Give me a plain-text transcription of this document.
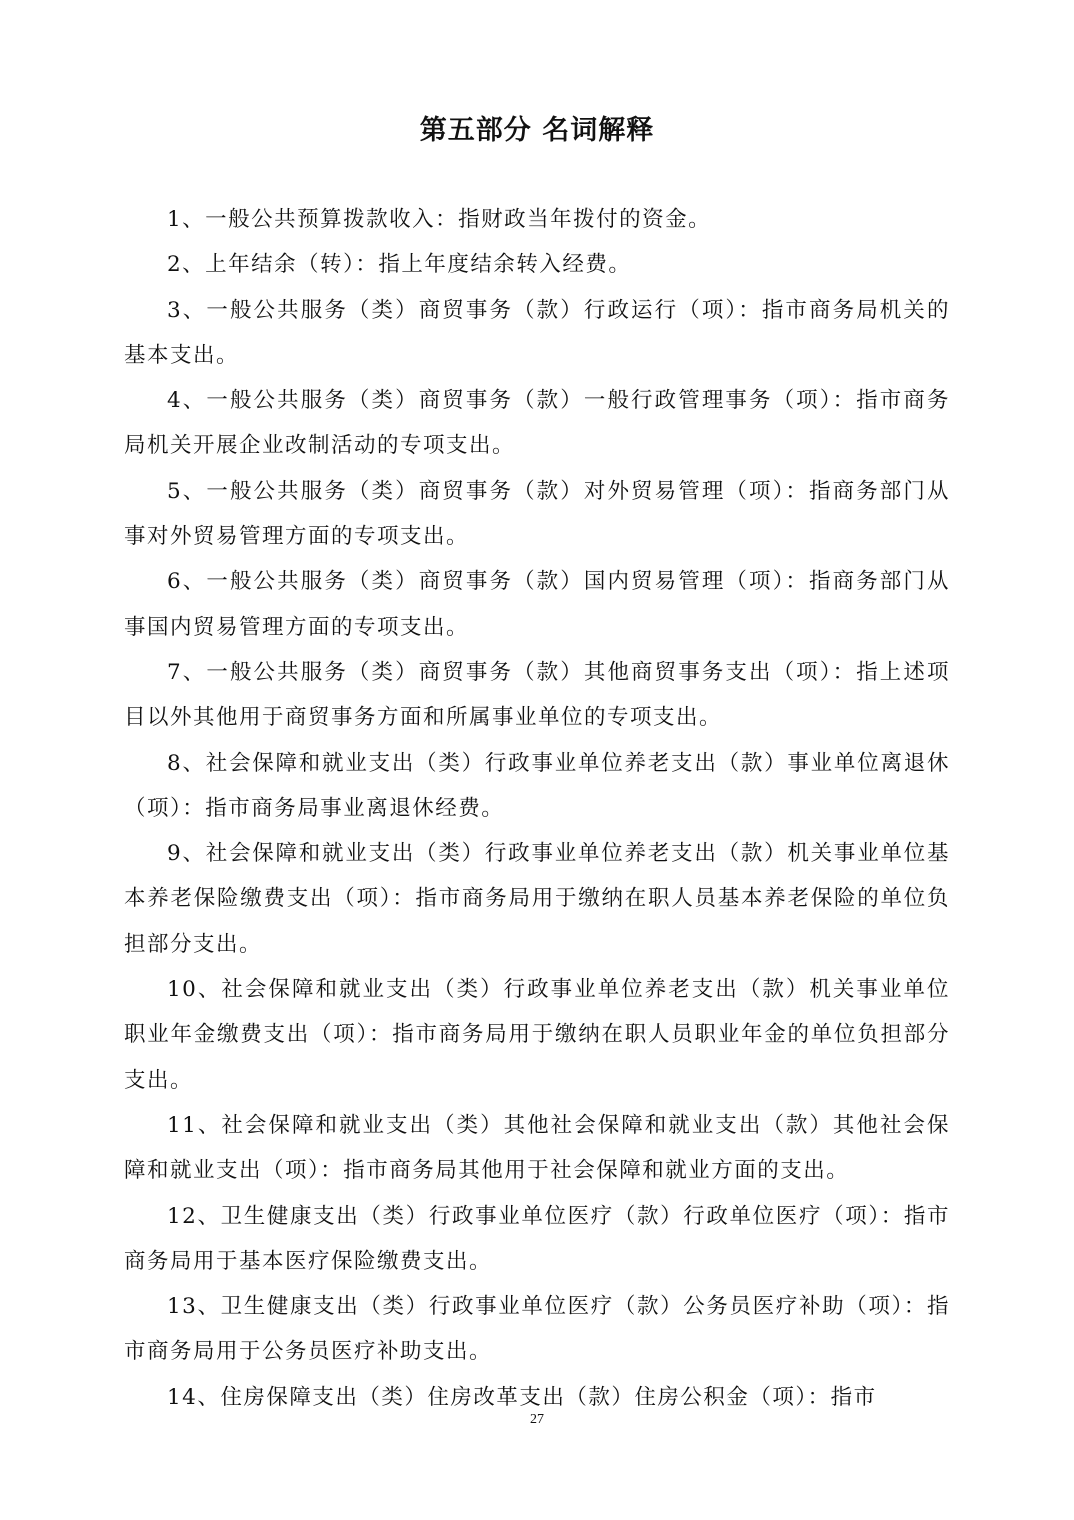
第五部分 名词解释

1、一般公共预算拨款收入：指财政当年拨付的资金。

2、上年结余（转）：指上年度结余转入经费。

3、一般公共服务（类）商贸事务（款）行政运行（项）：指市商务局机关的基本支出。

4、一般公共服务（类）商贸事务（款）一般行政管理事务（项）：指市商务局机关开展企业改制活动的专项支出。

5、一般公共服务（类）商贸事务（款）对外贸易管理（项）：指商务部门从事对外贸易管理方面的专项支出。

6、一般公共服务（类）商贸事务（款）国内贸易管理（项）：指商务部门从事国内贸易管理方面的专项支出。

7、一般公共服务（类）商贸事务（款）其他商贸事务支出（项）：指上述项目以外其他用于商贸事务方面和所属事业单位的专项支出。

8、社会保障和就业支出（类）行政事业单位养老支出（款）事业单位离退休（项）：指市商务局事业离退休经费。

9、社会保障和就业支出（类）行政事业单位养老支出（款）机关事业单位基本养老保险缴费支出（项）：指市商务局用于缴纳在职人员基本养老保险的单位负担部分支出。

10、社会保障和就业支出（类）行政事业单位养老支出（款）机关事业单位职业年金缴费支出（项）：指市商务局用于缴纳在职人员职业年金的单位负担部分支出。

11、社会保障和就业支出（类）其他社会保障和就业支出（款）其他社会保障和就业支出（项）：指市商务局其他用于社会保障和就业方面的支出。

12、卫生健康支出（类）行政事业单位医疗（款）行政单位医疗（项）：指市商务局用于基本医疗保险缴费支出。

13、卫生健康支出（类）行政事业单位医疗（款）公务员医疗补助（项）：指市商务局用于公务员医疗补助支出。

14、住房保障支出（类）住房改革支出（款）住房公积金（项）：指市

27
